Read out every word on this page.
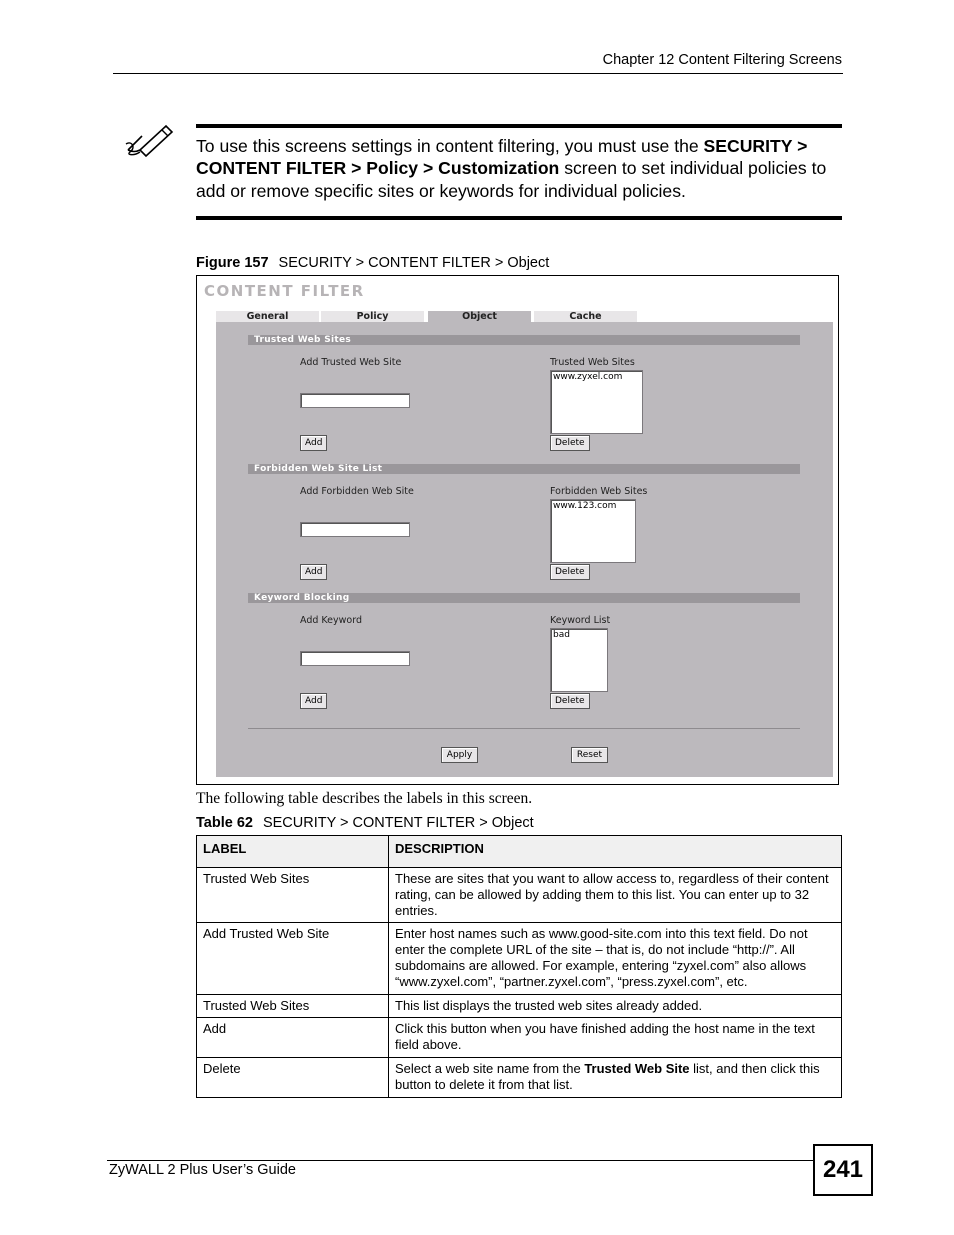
Chapter 12 Content Filtering Screens
To use this screens settings in content filtering, you must use the SECURITY > CONTENT FILTER > Policy > Customization screen to set individual policies to add or remove specific sites or keywords for individual policies.
Figure 157 SECURITY > CONTENT FILTER > Object
CONTENT FILTER
General	Policy	Object	Cache
Trusted Web Sites
Add Trusted Web Site	Trusted Web Sites
www.zyxel.com
Add	Delete
Forbidden Web Site List
Add Forbidden Web Site	Forbidden Web Sites
www.123.com
Add	Delete
Keyword Blocking
Add Keyword	Keyword List
bad
Add	Delete
Apply	Reset
The following table describes the labels in this screen.
Table 62 SECURITY > CONTENT FILTER > Object
LABEL	DESCRIPTION
Trusted Web Sites	These are sites that you want to allow access to, regardless of their content rating, can be allowed by adding them to this list. You can enter up to 32 entries.
Add Trusted Web Site	Enter host names such as www.good-site.com into this text field. Do not enter the complete URL of the site – that is, do not include “http://”. All subdomains are allowed. For example, entering “zyxel.com” also allows “www.zyxel.com”, “partner.zyxel.com”, “press.zyxel.com”, etc.
Trusted Web Sites	This list displays the trusted web sites already added.
Add	Click this button when you have finished adding the host name in the text field above.
Delete	Select a web site name from the Trusted Web Site list, and then click this button to delete it from that list.
ZyWALL 2 Plus User’s Guide	241
